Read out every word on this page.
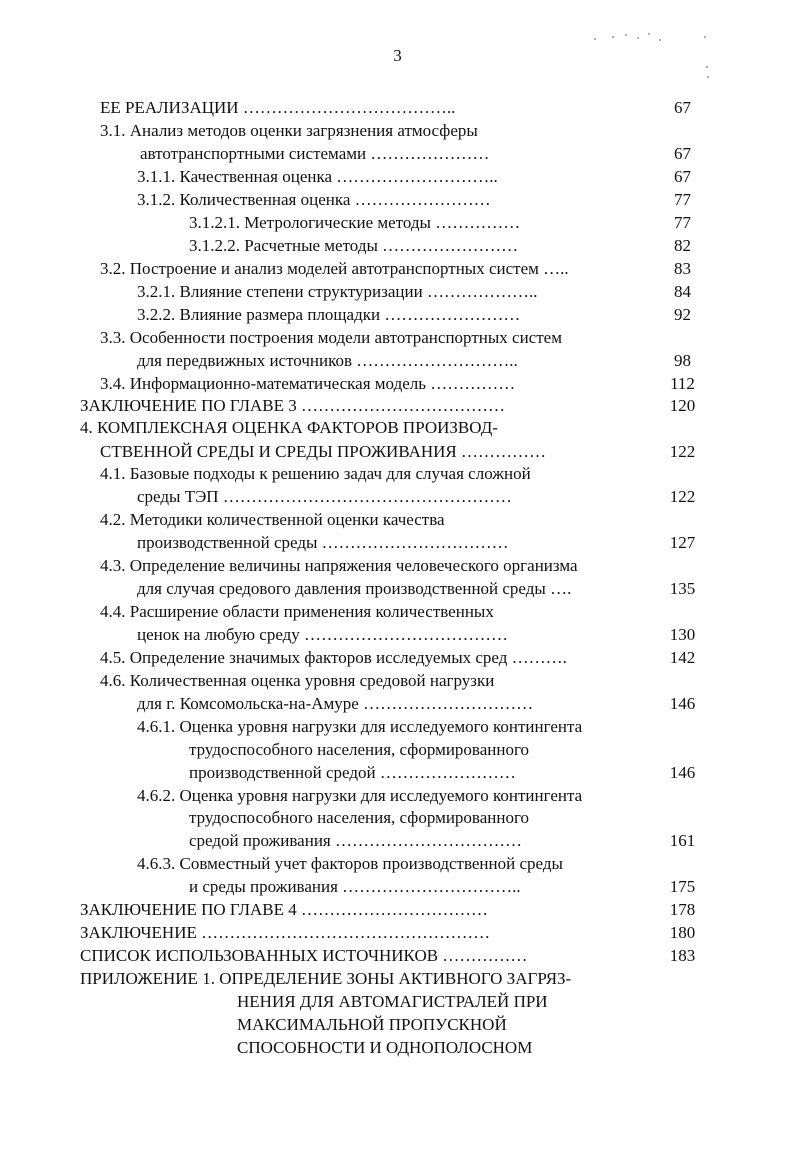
3
ЕЕ РЕАЛИЗАЦИИ ………………………………..	67
3.1. Анализ методов оценки загрязнения атмосферы
автотранспортными системами …………………	67
3.1.1. Качественная оценка ………………………..	67
3.1.2. Количественная оценка ……………………	77
3.1.2.1. Метрологические методы ……………	77
3.1.2.2. Расчетные методы ……………………	82
3.2. Построение и анализ моделей автотранспортных систем …..	83
3.2.1. Влияние степени структуризации ………………..	84
3.2.2. Влияние размера площадки ……………………	92
3.3. Особенности построения модели автотранспортных систем
для передвижных источников ………………………..	98
3.4. Информационно-математическая модель ……………	112
ЗАКЛЮЧЕНИЕ ПО ГЛАВЕ 3 ………………………………	120
4. КОМПЛЕКСНАЯ ОЦЕНКА ФАКТОРОВ ПРОИЗВОД-
СТВЕННОЙ СРЕДЫ И СРЕДЫ ПРОЖИВАНИЯ ……………	122
4.1. Базовые подходы к решению задач для случая сложной
среды ТЭП ……………………………………………	122
4.2. Методики количественной оценки качества
производственной среды ……………………………	127
4.3. Определение величины напряжения человеческого организма
для случая средового давления производственной среды ….	135
4.4. Расширение области применения количественных
ценок на любую среду ………………………………	130
4.5. Определение значимых факторов исследуемых сред ……….	142
4.6. Количественная оценка уровня средовой нагрузки
для г. Комсомольска-на-Амуре …………………………	146
4.6.1. Оценка уровня нагрузки для исследуемого контингента
трудоспособного населения, сформированного
производственной средой ……………………	146
4.6.2. Оценка уровня нагрузки для исследуемого контингента
трудоспособного населения, сформированного
средой проживания ……………………………	161
4.6.3. Совместный учет факторов производственной среды
и среды проживания …………………………..	175
ЗАКЛЮЧЕНИЕ ПО ГЛАВЕ 4 ……………………………	178
ЗАКЛЮЧЕНИЕ ……………………………………………	180
СПИСОК ИСПОЛЬЗОВАННЫХ ИСТОЧНИКОВ ……………	183
ПРИЛОЖЕНИЕ 1. ОПРЕДЕЛЕНИЕ ЗОНЫ АКТИВНОГО ЗАГРЯЗ-
НЕНИЯ ДЛЯ АВТОМАГИСТРАЛЕЙ ПРИ
МАКСИМАЛЬНОЙ ПРОПУСКНОЙ
СПОСОБНОСТИ И ОДНОПОЛОСНОМ
